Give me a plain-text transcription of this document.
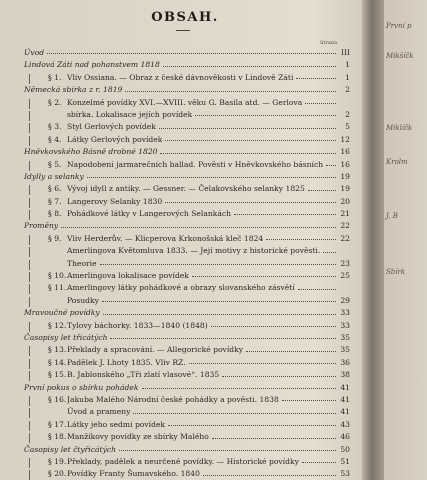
OBSAH.
Strana
Úvod	III
Lindová Záti nad pohanstvem 1818	1
§ 1. Vliv Ossiana. — Obraz z české dávnověkosti v Lindově Záti	1
Německá sbírka z r. 1819	2
§ 2. Konzelmé povídky XVI.—XVIII. věku G. Basila atd. — Gerlova
sbírka. Lokalisace jejích povídek	2
§ 3. Styl Gerlových povídek	5
§ 4. Látky Gerlových povídek	12
Hněvkovského Básně drobné 1820	16
§ 5. Napodobení jarmarečních ballad. Pověsti v Hněvkovského básních	16
Idylly a selanky	19
§ 6. Vývoj idyll z antiky. — Gessner. — Čelakovského selanky 1825	19
§ 7. Langerovy Selanky 1830	20
§ 8. Pohádkové látky v Langerových Selankách	21
Proměny	22
§ 9. Vliv Herderův. — Klicperova Krkonošská kleč 1824	22
Amerlingova Květomluva 1833. — Její motivy z historické pověsti.
Theorie	23
§ 10. Amerlingova lokalisace povídek	25
§ 11. Amerlingovy látky pohádkové a obrazy slovanského zásvětí
Posudky	29
Mravoučné povídky	33
§ 12. Tylovy báchorky. 1833—1840 (1848)	33
Časopisy let třicátých	35
§ 13. Překlady a spracování. — Allegorické povídky	35
§ 14. Padělek J. Lhoty 1835. Vliv RZ.	36
§ 15. B. Jablonského „Tři zlatí vlasové“. 1835	38
První pokus o sbírku pohádek	41
§ 16. Jakuba Malého Národní české pohádky a pověsti. 1838	41
Úvod a prameny	41
§ 17. Látky jeho sedmi povídek	43
§ 18. Manžíkovy povídky ze sbírky Malého	46
Časopisy let čtyřicátých	50
§ 19. Překlady, padělek a neurčené povídky. — Historické povídky	51
§ 20. Povídky Franty Šumavského. 1840	53
První p
Mikšíčk
Miklíčk
Krolm
J. B
Sbírk
